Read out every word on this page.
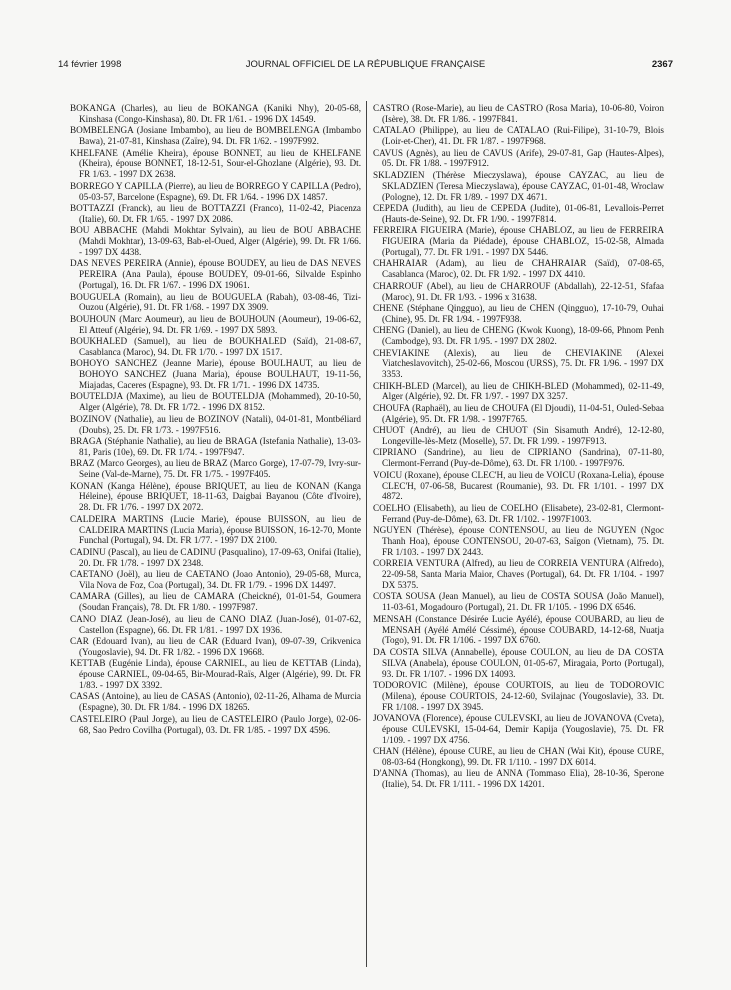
14 février 1998	JOURNAL OFFICIEL DE LA RÉPUBLIQUE FRANÇAISE	2367

BOKANGA (Charles), au lieu de BOKANGA (Kaniki Nhy), 20-05-68, Kinshasa (Congo-Kinshasa), 80. Dt. FR 1/61. - 1996 DX 14549.

BOMBELENGA (Josiane Imbambo), au lieu de BOMBELENGA (Imbambo Bawa), 21-07-81, Kinshasa (Zaïre), 94. Dt. FR 1/62. - 1997F992.

KHELFANE (Amélie Kheira), épouse BONNET, au lieu de KHELFANE (Kheira), épouse BONNET, 18-12-51, Sour-el-Ghozlane (Algérie), 93. Dt. FR 1/63. - 1997 DX 2638.

BORREGO Y CAPILLA (Pierre), au lieu de BORREGO Y CAPILLA (Pedro), 05-03-57, Barcelone (Espagne), 69. Dt. FR 1/64. - 1996 DX 14857.

BOTTAZZI (Franck), au lieu de BOTTAZZI (Franco), 11-02-42, Piacenza (Italie), 60. Dt. FR 1/65. - 1997 DX 2086.

BOU ABBACHE (Mahdi Mokhtar Sylvain), au lieu de BOU ABBACHE (Mahdi Mokhtar), 13-09-63, Bab-el-Oued, Alger (Algérie), 99. Dt. FR 1/66. - 1997 DX 4438.

DAS NEVES PEREIRA (Annie), épouse BOUDEY, au lieu de DAS NEVES PEREIRA (Ana Paula), épouse BOUDEY, 09-01-66, Silvalde Espinho (Portugal), 16. Dt. FR 1/67. - 1996 DX 19061.

BOUGUELA (Romain), au lieu de BOUGUELA (Rabah), 03-08-46, Tizi-Ouzou (Algérie), 91. Dt. FR 1/68. - 1997 DX 3909.

BOUHOUN (Marc Aoumeur), au lieu de BOUHOUN (Aoumeur), 19-06-62, El Atteuf (Algérie), 94. Dt. FR 1/69. - 1997 DX 5893.

BOUKHALED (Samuel), au lieu de BOUKHALED (Saïd), 21-08-67, Casablanca (Maroc), 94. Dt. FR 1/70. - 1997 DX 1517.

BOHOYO SANCHEZ (Jeanne Marie), épouse BOULHAUT, au lieu de BOHOYO SANCHEZ (Juana Maria), épouse BOULHAUT, 19-11-56, Miajadas, Caceres (Espagne), 93. Dt. FR 1/71. - 1996 DX 14735.

BOUTELDJA (Maxime), au lieu de BOUTELDJA (Mohammed), 20-10-50, Alger (Algérie), 78. Dt. FR 1/72. - 1996 DX 8152.

BOZINOV (Nathalie), au lieu de BOZINOV (Natali), 04-01-81, Montbéliard (Doubs), 25. Dt. FR 1/73. - 1997F516.

BRAGA (Stéphanie Nathalie), au lieu de BRAGA (Istefania Nathalie), 13-03-81, Paris (10e), 69. Dt. FR 1/74. - 1997F947.

BRAZ (Marco Georges), au lieu de BRAZ (Marco Gorge), 17-07-79, Ivry-sur-Seine (Val-de-Marne), 75. Dt. FR 1/75. - 1997F405.

KONAN (Kanga Hélène), épouse BRIQUET, au lieu de KONAN (Kanga Héleine), épouse BRIQUET, 18-11-63, Daigbai Bayanou (Côte d'Ivoire), 28. Dt. FR 1/76. - 1997 DX 2072.

CALDEIRA MARTINS (Lucie Marie), épouse BUISSON, au lieu de CALDEIRA MARTINS (Lucia Maria), épouse BUISSON, 16-12-70, Monte Funchal (Portugal), 94. Dt. FR 1/77. - 1997 DX 2100.

CADINU (Pascal), au lieu de CADINU (Pasqualino), 17-09-63, Onifai (Italie), 20. Dt. FR 1/78. - 1997 DX 2348.

CAETANO (Joël), au lieu de CAETANO (Joao Antonio), 29-05-68, Murca, Vila Nova de Foz, Coa (Portugal), 34. Dt. FR 1/79. - 1996 DX 14497.

CAMARA (Gilles), au lieu de CAMARA (Cheickné), 01-01-54, Goumera (Soudan Français), 78. Dt. FR 1/80. - 1997F987.

CANO DIAZ (Jean-José), au lieu de CANO DIAZ (Juan-José), 01-07-62, Castellon (Espagne), 66. Dt. FR 1/81. - 1997 DX 1936.

CAR (Edouard Ivan), au lieu de CAR (Eduard Ivan), 09-07-39, Crikvenica (Yougoslavie), 94. Dt. FR 1/82. - 1996 DX 19668.

KETTAB (Eugénie Linda), épouse CARNIEL, au lieu de KETTAB (Linda), épouse CARNIEL, 09-04-65, Bir-Mourad-Raïs, Alger (Algérie), 99. Dt. FR 1/83. - 1997 DX 3392.

CASAS (Antoine), au lieu de CASAS (Antonio), 02-11-26, Alhama de Murcia (Espagne), 30. Dt. FR 1/84. - 1996 DX 18265.

CASTELEIRO (Paul Jorge), au lieu de CASTELEIRO (Paulo Jorge), 02-06-68, Sao Pedro Covilha (Portugal), 03. Dt. FR 1/85. - 1997 DX 4596.

CASTRO (Rose-Marie), au lieu de CASTRO (Rosa Maria), 10-06-80, Voiron (Isère), 38. Dt. FR 1/86. - 1997F841.

CATALAO (Philippe), au lieu de CATALAO (Rui-Filipe), 31-10-79, Blois (Loir-et-Cher), 41. Dt. FR 1/87. - 1997F968.

CAVUS (Agnès), au lieu de CAVUS (Arife), 29-07-81, Gap (Hautes-Alpes), 05. Dt. FR 1/88. - 1997F912.

SKLADZIEN (Thérèse Mieczyslawa), épouse CAYZAC, au lieu de SKLADZIEN (Teresa Mieczyslawa), épouse CAYZAC, 01-01-48, Wroclaw (Pologne), 12. Dt. FR 1/89. - 1997 DX 4671.

CEPEDA (Judith), au lieu de CEPEDA (Judite), 01-06-81, Levallois-Perret (Hauts-de-Seine), 92. Dt. FR 1/90. - 1997F814.

FERREIRA FIGUEIRA (Marie), épouse CHABLOZ, au lieu de FERREIRA FIGUEIRA (Maria da Piédade), épouse CHABLOZ, 15-02-58, Almada (Portugal), 77. Dt. FR 1/91. - 1997 DX 5446.

CHAHRAIAR (Adam), au lieu de CHAHRAIAR (Saïd), 07-08-65, Casablanca (Maroc), 02. Dt. FR 1/92. - 1997 DX 4410.

CHARROUF (Abel), au lieu de CHARROUF (Abdallah), 22-12-51, Sfafaa (Maroc), 91. Dt. FR 1/93. - 1996 x 31638.

CHENE (Stéphane Qingguo), au lieu de CHEN (Qingguo), 17-10-79, Ouhai (Chine), 95. Dt. FR 1/94. - 1997F938.

CHENG (Daniel), au lieu de CHENG (Kwok Kuong), 18-09-66, Phnom Penh (Cambodge), 93. Dt. FR 1/95. - 1997 DX 2802.

CHEVIAKINE (Alexis), au lieu de CHEVIAKINE (Alexei Viatcheslavovitch), 25-02-66, Moscou (URSS), 75. Dt. FR 1/96. - 1997 DX 3353.

CHIKH-BLED (Marcel), au lieu de CHIKH-BLED (Mohammed), 02-11-49, Alger (Algérie), 92. Dt. FR 1/97. - 1997 DX 3257.

CHOUFA (Raphaël), au lieu de CHOUFA (El Djoudi), 11-04-51, Ouled-Sebaa (Algérie), 95. Dt. FR 1/98. - 1997F765.

CHUOT (André), au lieu de CHUOT (Sin Sisamuth André), 12-12-80, Longeville-lès-Metz (Moselle), 57. Dt. FR 1/99. - 1997F913.

CIPRIANO (Sandrine), au lieu de CIPRIANO (Sandrina), 07-11-80, Clermont-Ferrand (Puy-de-Dôme), 63. Dt. FR 1/100. - 1997F976.

VOICU (Roxane), épouse CLEC'H, au lieu de VOICU (Roxana-Lelia), épouse CLEC'H, 07-06-58, Bucarest (Roumanie), 93. Dt. FR 1/101. - 1997 DX 4872.

COELHO (Elisabeth), au lieu de COELHO (Elisabete), 23-02-81, Clermont-Ferrand (Puy-de-Dôme), 63. Dt. FR 1/102. - 1997F1003.

NGUYEN (Thérèse), épouse CONTENSOU, au lieu de NGUYEN (Ngoc Thanh Hoa), épouse CONTENSOU, 20-07-63, Saïgon (Vietnam), 75. Dt. FR 1/103. - 1997 DX 2443.

CORREIA VENTURA (Alfred), au lieu de CORREIA VENTURA (Alfredo), 22-09-58, Santa Maria Maior, Chaves (Portugal), 64. Dt. FR 1/104. - 1997 DX 5375.

COSTA SOUSA (Jean Manuel), au lieu de COSTA SOUSA (João Manuel), 11-03-61, Mogadouro (Portugal), 21. Dt. FR 1/105. - 1996 DX 6546.

MENSAH (Constance Désirée Lucie Ayélé), épouse COUBARD, au lieu de MENSAH (Ayélé Amélé Céssimé), épouse COUBARD, 14-12-68, Nuatja (Togo), 91. Dt. FR 1/106. - 1997 DX 6760.

DA COSTA SILVA (Annabelle), épouse COULON, au lieu de DA COSTA SILVA (Anabela), épouse COULON, 01-05-67, Miragaia, Porto (Portugal), 93. Dt. FR 1/107. - 1996 DX 14093.

TODOROVIC (Milène), épouse COURTOIS, au lieu de TODOROVIC (Milena), épouse COURTOIS, 24-12-60, Svilajnac (Yougoslavie), 33. Dt. FR 1/108. - 1997 DX 3945.

JOVANOVA (Florence), épouse CULEVSKI, au lieu de JOVANOVA (Cveta), épouse CULEVSKI, 15-04-64, Demir Kapija (Yougoslavie), 75. Dt. FR 1/109. - 1997 DX 4756.

CHAN (Hélène), épouse CURE, au lieu de CHAN (Wai Kit), épouse CURE, 08-03-64 (Hongkong), 99. Dt. FR 1/110. - 1997 DX 6014.

D'ANNA (Thomas), au lieu de ANNA (Tommaso Elia), 28-10-36, Sperone (Italie), 54. Dt. FR 1/111. - 1996 DX 14201.
